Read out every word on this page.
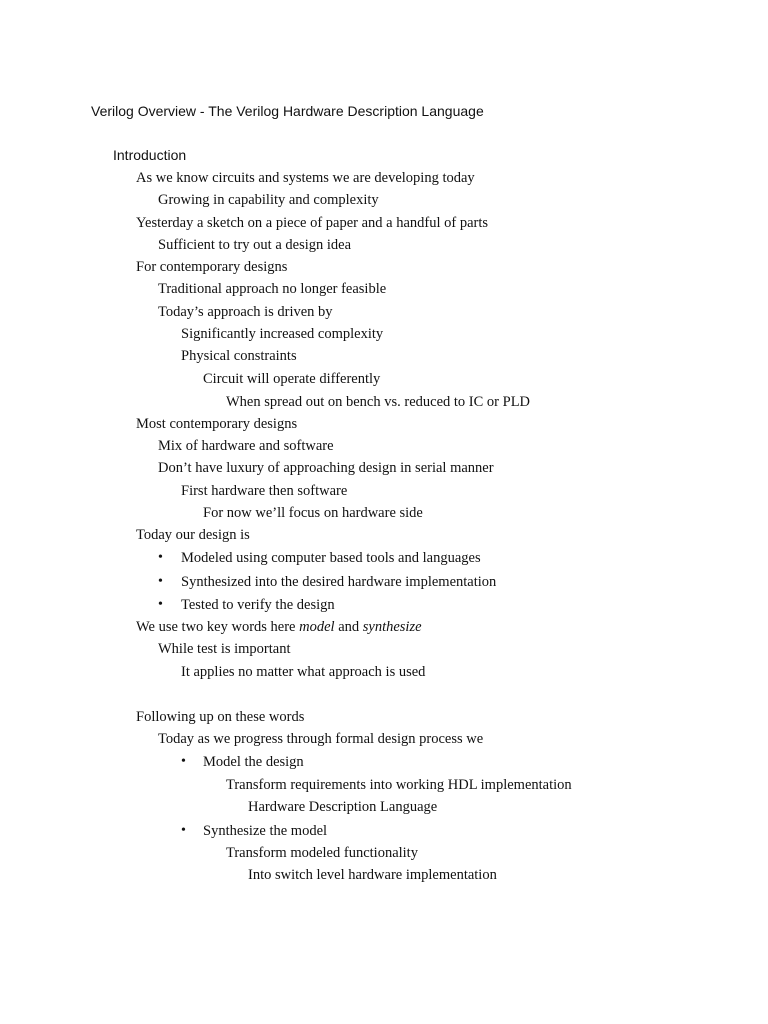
Verilog Overview - The Verilog Hardware Description Language
Introduction
As we know circuits and systems we are developing today
Growing in capability and complexity
Yesterday a sketch on a piece of paper and a handful of parts
Sufficient to try out a design idea
For contemporary designs
Traditional approach no longer feasible
Today’s approach is driven by
Significantly increased complexity
Physical constraints
Circuit will operate differently
When spread out on bench vs. reduced to IC or PLD
Most contemporary designs
Mix of hardware and software
Don’t have luxury of approaching design in serial manner
First hardware then software
For now we’ll focus on hardware side
Today our design is
• Modeled using computer based tools and languages
• Synthesized into the desired hardware implementation
• Tested to verify the design
We use two key words here model and synthesize
While test is important
It applies no matter what approach is used
Following up on these words
Today as we progress through formal design process we
• Model the design
Transform requirements into working HDL implementation
Hardware Description Language
• Synthesize the model
Transform modeled functionality
Into switch level hardware implementation
